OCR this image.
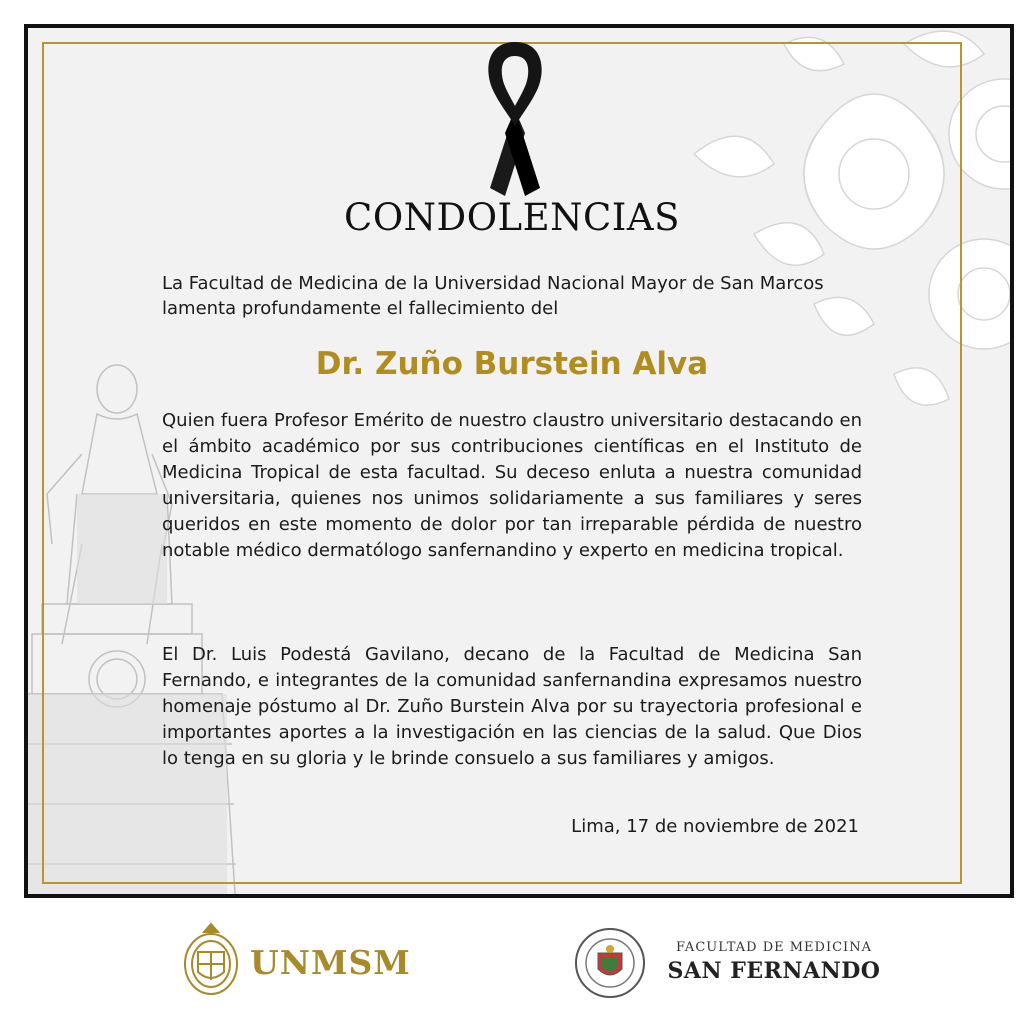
CONDOLENCIAS
La Facultad de Medicina de la Universidad Nacional Mayor de San Marcos lamenta profundamente el fallecimiento del
Dr. Zuño Burstein Alva
Quien fuera Profesor Emérito de nuestro claustro universitario destacando en el ámbito académico por sus contribuciones científicas en el Instituto de Medicina Tropical de esta facultad. Su deceso enluta a nuestra comunidad universitaria, quienes nos unimos solidariamente a sus familiares y seres queridos en este momento de dolor por tan irreparable pérdida de nuestro notable médico dermatólogo sanfernandino y experto en medicina tropical.
El Dr. Luis Podestá Gavilano, decano de la Facultad de Medicina San Fernando, e integrantes de la comunidad sanfernandina expresamos nuestro homenaje póstumo al Dr. Zuño Burstein Alva por su trayectoria profesional e importantes aportes a la investigación en las ciencias de la salud. Que Dios lo tenga en su gloria y le brinde consuelo a sus familiares y amigos.
Lima, 17 de noviembre de 2021
UNMSM	FACULTAD DE MEDICINA
SAN FERNANDO
